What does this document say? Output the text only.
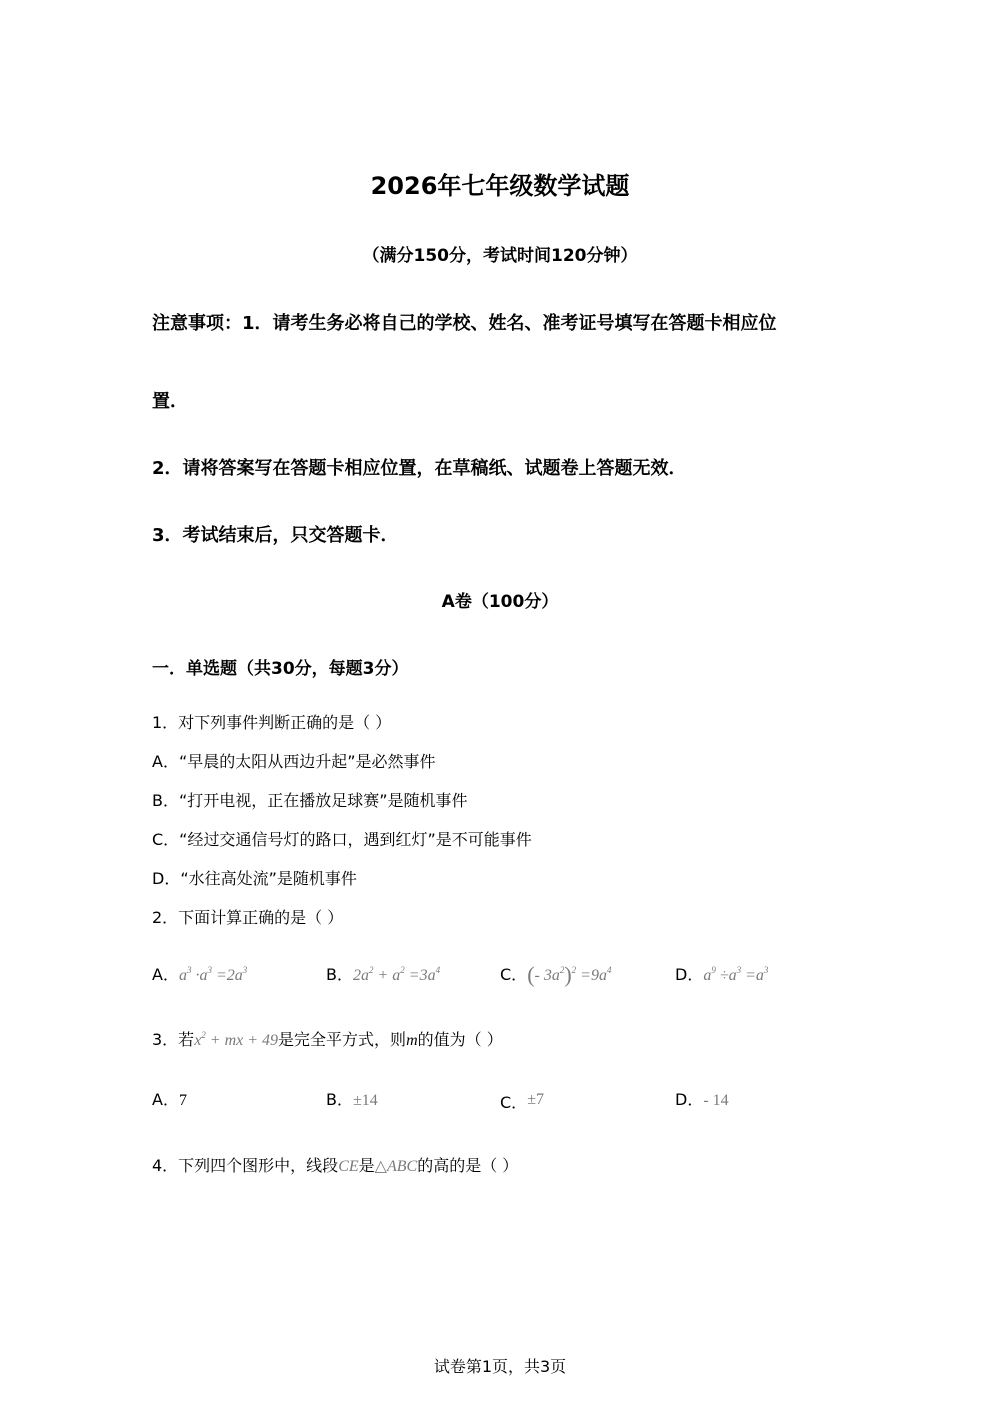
2026年七年级数学试题
（满分150分，考试时间120分钟）
注意事项：1．请考生务必将自己的学校、姓名、准考证号填写在答题卡相应位
置．
2．请将答案写在答题卡相应位置，在草稿纸、试题卷上答题无效．
3．考试结束后，只交答题卡．
A卷（100分）
一．单选题（共30分，每题3分）
1．对下列事件判断正确的是（ ）
A．“早晨的太阳从西边升起”是必然事件
B．“打开电视，正在播放足球赛”是随机事件
C．“经过交通信号灯的路口，遇到红灯”是不可能事件
D．“水往高处流”是随机事件
2．下面计算正确的是（ ）
A．$a^3 \cdot a^3 =2a^3$	B．$2a^2 + a^2 =3a^4$	C．(- $3a^2)^2 =9a^4$	D．$a^9 \div a^3 =a^3$
3．若$x^2$ + mx + 49是完全平方式，则m的值为（ ）
A．7	B．±14	C．±7	D．- 14
4．下列四个图形中，线段CE是△ABC的高的是（ ）
试卷第1页，共3页
